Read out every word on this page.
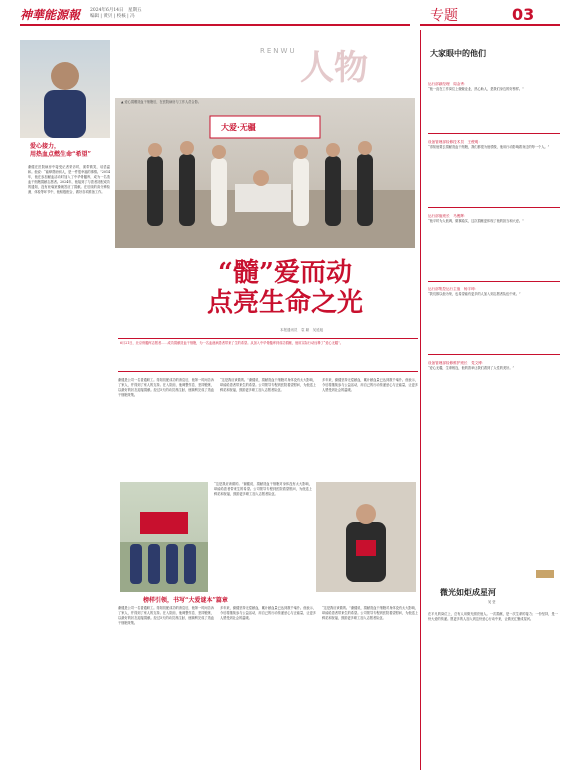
神華能源報 2024年6月14日　星期五
编辑 | 黄贝 | 校核 | 冯	专题	03
爱心接力，
用热血点燃生命“希望”
谢健在医院病房中接受记者采访时，面带微笑，话语温和。他说：“能够帮助别人，是一件很幸福的事情。”2014年，他在参加献血活动时加入了中华骨髓库，成为一名造血干细胞捐献志愿者。2024年，他接到了与患者初配成功的通知，没有丝毫犹豫就答应了捐献。在后续的高分辨检测、体检等环节中，他积极配合，做好各项准备工作。
RENWU 人物
大爱·无疆
▲ 爱心捐赠造血干细胞后，在医院病房与工作人员合影。
“髓”爱而动
点亮生命之光
本报通讯员　袁 颖　吴延旭
6月21日，北京骨髓库志愿者……成功捐献造血干细胞，为一名血液病患者带来了生的希望。从加入中华骨髓库到成功捐献，他用实际行动诠释了“爱心无疆”。
谢健是公司一名普通职工。得知初配成功的消息后，他第一时间告诉了家人，并得到了家人的支持。在入院前，他调整作息、坚持锻炼，以最好的状态迎接捐献。经过5天的动员剂注射，他顺利完成了造血干细胞采集。
“这是我应该做的。”谢健说，捐献造血干细胞对身体没有太大影响，却能给患者带来生的希望。公司领导专程到医院看望慰问，为他送上鲜花和祝福，鼓励更多职工加入志愿者队伍。
多年来，谢健坚持无偿献血，累计献血量已达到数千毫升。他表示，今后将继续参与公益活动，用自己的行动传递爱心与正能量，让更多人感受到社会的温暖。
“这是我应该做的。”谢健说，捐献造血干细胞对身体没有太大影响，却能给患者带来生的希望。公司领导专程到医院看望慰问，为他送上鲜花和祝福，鼓励更多职工加入志愿者队伍。
榜样引领，书写“大爱谜本”篇章
谢健是公司一名普通职工。得知初配成功的消息后，他第一时间告诉了家人，并得到了家人的支持。在入院前，他调整作息、坚持锻炼，以最好的状态迎接捐献。经过5天的动员剂注射，他顺利完成了造血干细胞采集。
多年来，谢健坚持无偿献血，累计献血量已达到数千毫升。他表示，今后将继续参与公益活动，用自己的行动传递爱心与正能量，让更多人感受到社会的温暖。
“这是我应该做的。”谢健说，捐献造血干细胞对身体没有太大影响，却能给患者带来生的希望。公司领导专程到医院看望慰问，为他送上鲜花和祝福，鼓励更多职工加入志愿者队伍。
大家眼中的他们
运行部副经理　周金秀：
“他一直在工作岗位上兢兢业业，热心助人，是我们身边的好榜样。”
设备管理部检修技术员　王俊明：
“得知他要去捐献造血干细胞，我们都很为他骄傲，他用行动影响着身边的每一个人。”
运行部值班长　马俊辉：
“他平时为人低调，做事踏实，这次捐献更体现了他的担当和大爱。”
运行部集控运行主值　杨宇坤：
“我们都以他为荣，也希望能有更多的人加入到志愿者队伍中来。”
设备管理部检修维护班长　党文博：
“爱心无疆，生命相连，他的善举让我们看到了人性的美好。”
微光如炬成星河
吴 莹
在平凡的岗位上，总有人用微光照亮他人。一次捐献，是一次生命的接力；一份坚持，是一份大爱的传递。愿更多的人加入到这份爱心行动中来，让微光汇聚成星河。
